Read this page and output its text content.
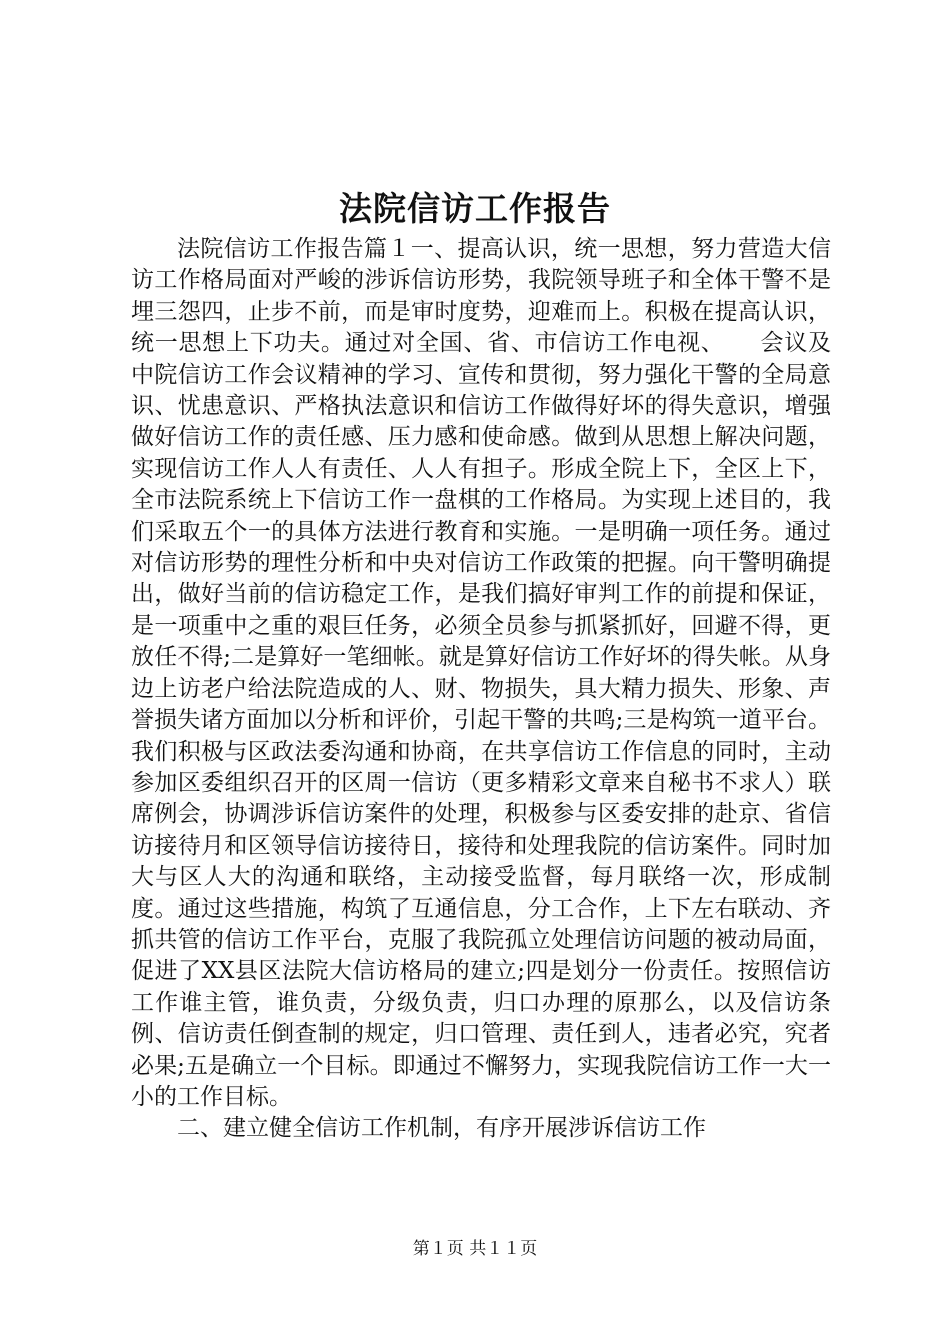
法院信访工作报告

法院信访工作报告篇１一、提高认识，统一思想，努力营造大信访工作格局面对严峻的涉诉信访形势，我院领导班子和全体干警不是埋三怨四，止步不前，而是审时度势，迎难而上。积极在提高认识，统一思想上下功夫。通过对全国、省、市信访工作电视、　　会议及中院信访工作会议精神的学习、宣传和贯彻，努力强化干警的全局意识、忧患意识、严格执法意识和信访工作做得好坏的得失意识，增强做好信访工作的责任感、压力感和使命感。做到从思想上解决问题，实现信访工作人人有责任、人人有担子。形成全院上下，全区上下，全市法院系统上下信访工作一盘棋的工作格局。为实现上述目的，我们采取五个一的具体方法进行教育和实施。一是明确一项任务。通过对信访形势的理性分析和中央对信访工作政策的把握。向干警明确提出，做好当前的信访稳定工作，是我们搞好审判工作的前提和保证，是一项重中之重的艰巨任务，必须全员参与抓紧抓好，回避不得，更放任不得;二是算好一笔细帐。就是算好信访工作好坏的得失帐。从身边上访老户给法院造成的人、财、物损失，具大精力损失、形象、声誉损失诸方面加以分析和评价，引起干警的共鸣;三是构筑一道平台。我们积极与区政法委沟通和协商，在共享信访工作信息的同时，主动参加区委组织召开的区周一信访（更多精彩文章来自秘书不求人）联席例会，协调涉诉信访案件的处理，积极参与区委安排的赴京、省信访接待月和区领导信访接待日，接待和处理我院的信访案件。同时加大与区人大的沟通和联络，主动接受监督，每月联络一次，形成制度。通过这些措施，构筑了互通信息，分工合作，上下左右联动、齐抓共管的信访工作平台，克服了我院孤立处理信访问题的被动局面，促进了XX县区法院大信访格局的建立;四是划分一份责任。按照信访工作谁主管，谁负责，分级负责，归口办理的原那么，以及信访条例、信访责任倒查制的规定，归口管理、责任到人，违者必究，究者必果;五是确立一个目标。即通过不懈努力，实现我院信访工作一大一小的工作目标。

二、建立健全信访工作机制，有序开展涉诉信访工作

第１页 共１１页
